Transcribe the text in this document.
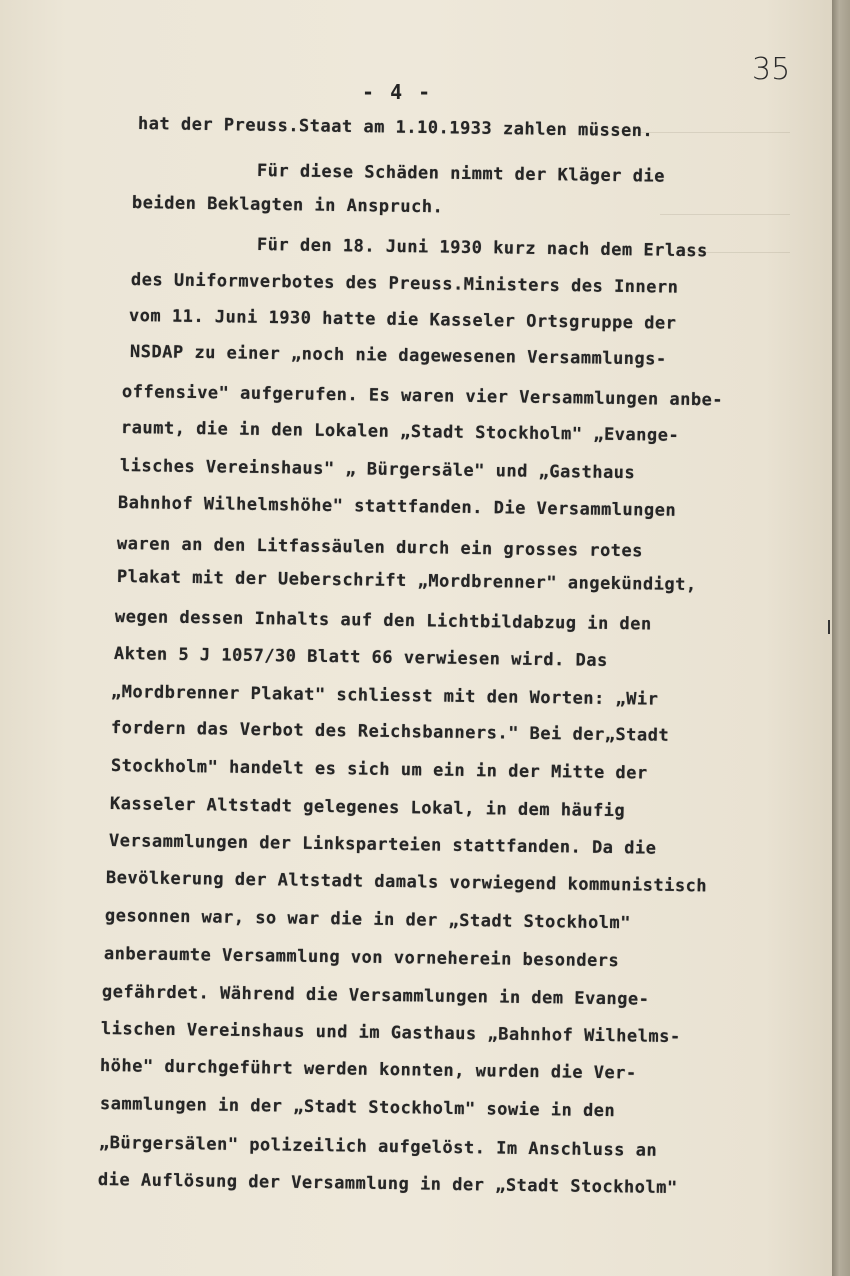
35
- 4 -
hat der Preuss.Staat am 1.10.1933 zahlen müssen.
Für diese Schäden nimmt der Kläger die
beiden Beklagten in Anspruch.
Für den 18. Juni 1930 kurz nach dem Erlass
des Uniformverbotes des Preuss.Ministers des Innern
vom 11. Juni 1930 hatte die Kasseler Ortsgruppe der
NSDAP zu einer „noch nie dagewesenen Versammlungs-
offensive" aufgerufen. Es waren vier Versammlungen anbe-
raumt, die in den Lokalen „Stadt Stockholm" „Evange-
lisches Vereinshaus" „ Bürgersäle" und „Gasthaus
Bahnhof Wilhelmshöhe" stattfanden. Die Versammlungen
waren an den Litfassäulen durch ein grosses rotes
Plakat mit der Ueberschrift „Mordbrenner" angekündigt,
wegen dessen Inhalts auf den Lichtbildabzug in den
Akten 5 J 1057/30 Blatt 66 verwiesen wird. Das
„Mordbrenner Plakat" schliesst mit den Worten: „Wir
fordern das Verbot des Reichsbanners." Bei der„Stadt
Stockholm" handelt es sich um ein in der Mitte der
Kasseler Altstadt gelegenes Lokal, in dem häufig
Versammlungen der Linksparteien stattfanden. Da die
Bevölkerung der Altstadt damals vorwiegend kommunistisch
gesonnen war, so war die in der „Stadt Stockholm"
anberaumte Versammlung von vorneherein besonders
gefährdet. Während die Versammlungen in dem Evange-
lischen Vereinshaus und im Gasthaus „Bahnhof Wilhelms-
höhe" durchgeführt werden konnten, wurden die Ver-
sammlungen in der „Stadt Stockholm" sowie in den
„Bürgersälen" polizeilich aufgelöst. Im Anschluss an
die Auflösung der Versammlung in der „Stadt Stockholm"
